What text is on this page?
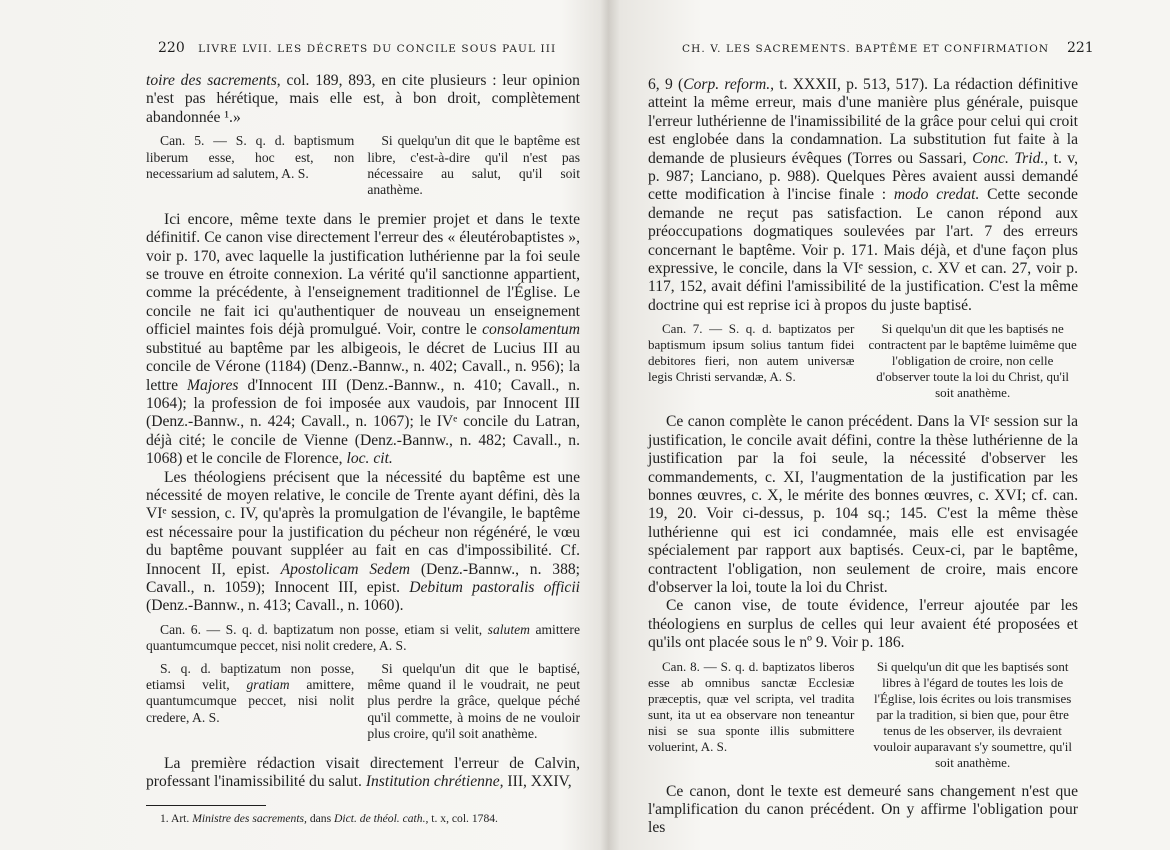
220 LIVRE LVII. LES DÉCRETS DU CONCILE SOUS PAUL III

toire des sacrements, col. 189, 893, en cite plusieurs : leur opinion n'est pas hérétique, mais elle est, à bon droit, complètement abandonnée ¹.»

Can. 5. — S. q. d. baptismum liberum esse, hoc est, non necessarium ad salutem, A. S.
Si quelqu'un dit que le baptême est libre, c'est-à-dire qu'il n'est pas nécessaire au salut, qu'il soit anathème.

Ici encore, même texte dans le premier projet et dans le texte définitif. Ce canon vise directement l'erreur des « éleutérobaptistes », voir p. 170, avec laquelle la justification luthérienne par la foi seule se trouve en étroite connexion. La vérité qu'il sanctionne appartient, comme la précédente, à l'enseignement traditionnel de l'Église. Le concile ne fait ici qu'authentiquer de nouveau un enseignement officiel maintes fois déjà promulgué. Voir, contre le consolamentum substitué au baptême par les albigeois, le décret de Lucius III au concile de Vérone (1184) (Denz.-Bannw., n. 402; Cavall., n. 956); la lettre Majores d'Innocent III (Denz.-Bannw., n. 410; Cavall., n. 1064); la profession de foi imposée aux vaudois, par Innocent III (Denz.-Bannw., n. 424; Cavall., n. 1067); le IVᵉ concile du Latran, déjà cité; le concile de Vienne (Denz.-Bannw., n. 482; Cavall., n. 1068) et le concile de Florence, loc. cit.

Les théologiens précisent que la nécessité du baptême est une nécessité de moyen relative, le concile de Trente ayant défini, dès la VIᵉ session, c. IV, qu'après la promulgation de l'évangile, le baptême est nécessaire pour la justification du pécheur non régénéré, le vœu du baptême pouvant suppléer au fait en cas d'impossibilité. Cf. Innocent II, epist. Apostolicam Sedem (Denz.-Bannw., n. 388; Cavall., n. 1059); Innocent III, epist. Debitum pastoralis officii (Denz.-Bannw., n. 413; Cavall., n. 1060).

Can. 6. — S. q. d. baptizatum non posse, etiam si velit, salutem amittere quantumcumque peccet, nisi nolit credere, A. S.

S. q. d. baptizatum non posse, etiamsi velit, gratiam amittere, quantumcumque peccet, nisi nolit credere, A. S.
Si quelqu'un dit que le baptisé, même quand il le voudrait, ne peut plus perdre la grâce, quelque péché qu'il commette, à moins de ne vouloir plus croire, qu'il soit anathème.

La première rédaction visait directement l'erreur de Calvin, professant l'inamissibilité du salut. Institution chrétienne, III, XXIV,

1. Art. Ministre des sacrements, dans Dict. de théol. cath., t. x, col. 1784.

CH. V. LES SACREMENTS. BAPTÊME ET CONFIRMATION 221

6, 9 (Corp. reform., t. XXXII, p. 513, 517). La rédaction définitive atteint la même erreur, mais d'une manière plus générale, puisque l'erreur luthérienne de l'inamissibilité de la grâce pour celui qui croit est englobée dans la condamnation. La substitution fut faite à la demande de plusieurs évêques (Torres ou Sassari, Conc. Trid., t. v, p. 987; Lanciano, p. 988). Quelques Pères avaient aussi demandé cette modification à l'incise finale : modo credat. Cette seconde demande ne reçut pas satisfaction. Le canon répond aux préoccupations dogmatiques soulevées par l'art. 7 des erreurs concernant le baptême. Voir p. 171. Mais déjà, et d'une façon plus expressive, le concile, dans la VIᵉ session, c. XV et can. 27, voir p. 117, 152, avait défini l'amissibilité de la justification. C'est la même doctrine qui est reprise ici à propos du juste baptisé.

Can. 7. — S. q. d. baptizatos per baptismum ipsum solius tantum fidei debitores fieri, non autem universæ legis Christi servandæ, A. S.
Si quelqu'un dit que les baptisés ne contractent par le baptême luimême que l'obligation de croire, non celle d'observer toute la loi du Christ, qu'il soit anathème.

Ce canon complète le canon précédent. Dans la VIᵉ session sur la justification, le concile avait défini, contre la thèse luthérienne de la justification par la foi seule, la nécessité d'observer les commandements, c. XI, l'augmentation de la justification par les bonnes œuvres, c. X, le mérite des bonnes œuvres, c. XVI; cf. can. 19, 20. Voir ci-dessus, p. 104 sq.; 145. C'est la même thèse luthérienne qui est ici condamnée, mais elle est envisagée spécialement par rapport aux baptisés. Ceux-ci, par le baptême, contractent l'obligation, non seulement de croire, mais encore d'observer la loi, toute la loi du Christ.

Ce canon vise, de toute évidence, l'erreur ajoutée par les théologiens en surplus de celles qui leur avaient été proposées et qu'ils ont placée sous le nº 9. Voir p. 186.

Can. 8. — S. q. d. baptizatos liberos esse ab omnibus sanctæ Ecclesiæ præceptis, quæ vel scripta, vel tradita sunt, ita ut ea observare non teneantur nisi se sua sponte illis submittere voluerint, A. S.
Si quelqu'un dit que les baptisés sont libres à l'égard de toutes les lois de l'Église, lois écrites ou lois transmises par la tradition, si bien que, pour être tenus de les observer, ils devraient vouloir auparavant s'y soumettre, qu'il soit anathème.

Ce canon, dont le texte est demeuré sans changement n'est que l'amplification du canon précédent. On y affirme l'obligation pour les
